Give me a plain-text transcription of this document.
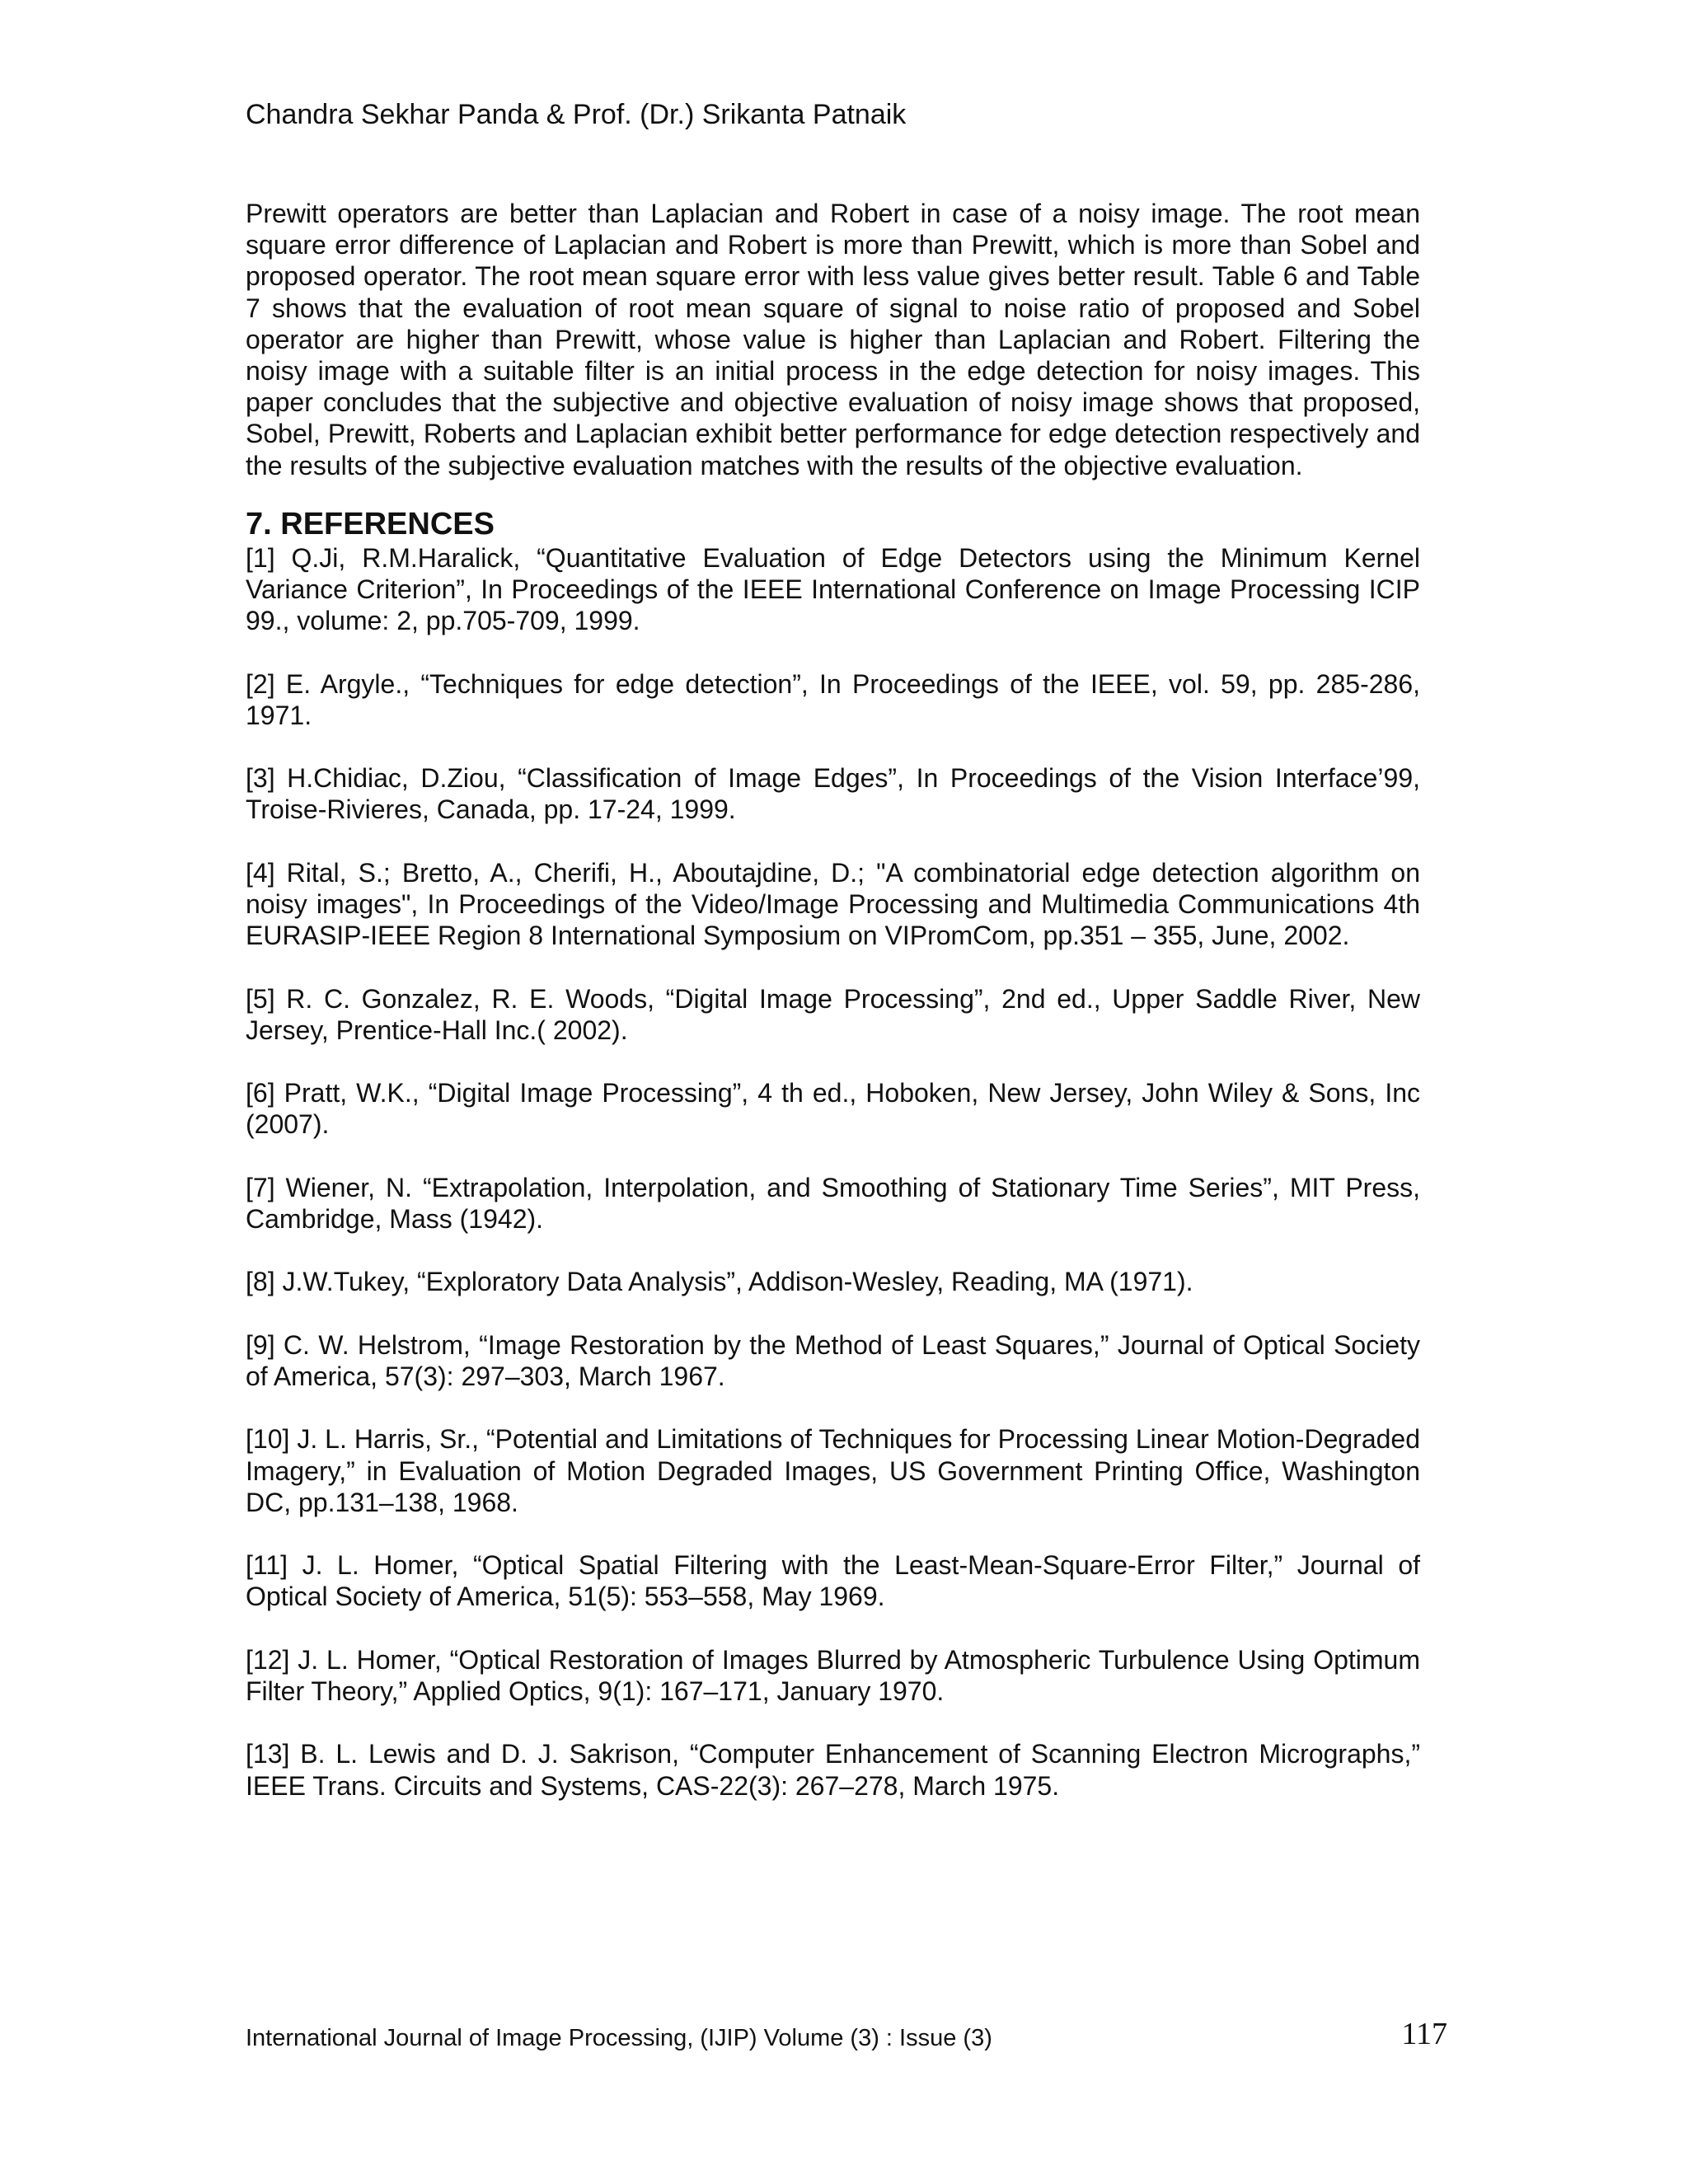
Chandra Sekhar Panda & Prof. (Dr.) Srikanta Patnaik

Prewitt operators are better than Laplacian and Robert in case of a noisy image. The root mean square error difference of Laplacian and Robert is more than Prewitt, which is more than Sobel and proposed operator. The root mean square error with less value gives better result. Table 6 and Table 7 shows that the evaluation of root mean square of signal to noise ratio of proposed and Sobel operator are higher than Prewitt, whose value is higher than Laplacian and Robert. Filtering the noisy image with a suitable filter is an initial process in the edge detection for noisy images. This paper concludes that the subjective and objective evaluation of noisy image shows that proposed, Sobel, Prewitt, Roberts and Laplacian exhibit better performance for edge detection respectively and the results of the subjective evaluation matches with the results of the objective evaluation.

7. REFERENCES
[1] Q.Ji, R.M.Haralick, “Quantitative Evaluation of Edge Detectors using the Minimum Kernel Variance Criterion”, In Proceedings of the IEEE International Conference on Image Processing ICIP 99., volume: 2, pp.705-709, 1999.
[2] E. Argyle., “Techniques for edge detection”, In Proceedings of the IEEE, vol. 59, pp. 285-286, 1971.
[3] H.Chidiac, D.Ziou, “Classification of Image Edges”, In Proceedings of the Vision Interface’99, Troise-Rivieres, Canada, pp. 17-24, 1999.
[4] Rital, S.; Bretto, A., Cherifi, H., Aboutajdine, D.; "A combinatorial edge detection algorithm on noisy images", In Proceedings of the Video/Image Processing and Multimedia Communications 4th EURASIP-IEEE Region 8 International Symposium on VIPromCom, pp.351 – 355, June, 2002.
[5] R. C. Gonzalez, R. E. Woods, “Digital Image Processing”, 2nd ed., Upper Saddle River, New Jersey, Prentice-Hall Inc.( 2002).
[6] Pratt, W.K., “Digital Image Processing”, 4 th ed., Hoboken, New Jersey, John Wiley & Sons, Inc (2007).
[7] Wiener, N. “Extrapolation, Interpolation, and Smoothing of Stationary Time Series”, MIT Press, Cambridge, Mass (1942).
[8] J.W.Tukey, “Exploratory Data Analysis”, Addison-Wesley, Reading, MA (1971).
[9] C. W. Helstrom, “Image Restoration by the Method of Least Squares,” Journal of Optical Society of America, 57(3): 297–303, March 1967.
[10] J. L. Harris, Sr., “Potential and Limitations of Techniques for Processing Linear Motion-Degraded Imagery,” in Evaluation of Motion Degraded Images, US Government Printing Office, Washington DC, pp.131–138, 1968.
[11] J. L. Homer, “Optical Spatial Filtering with the Least-Mean-Square-Error Filter,” Journal of Optical Society of America, 51(5): 553–558, May 1969.
[12] J. L. Homer, “Optical Restoration of Images Blurred by Atmospheric Turbulence Using Optimum Filter Theory,” Applied Optics, 9(1): 167–171, January 1970.
[13] B. L. Lewis and D. J. Sakrison, “Computer Enhancement of Scanning Electron Micrographs,” IEEE Trans. Circuits and Systems, CAS-22(3): 267–278, March 1975.
International Journal of Image Processing, (IJIP) Volume (3) : Issue (3)	117
